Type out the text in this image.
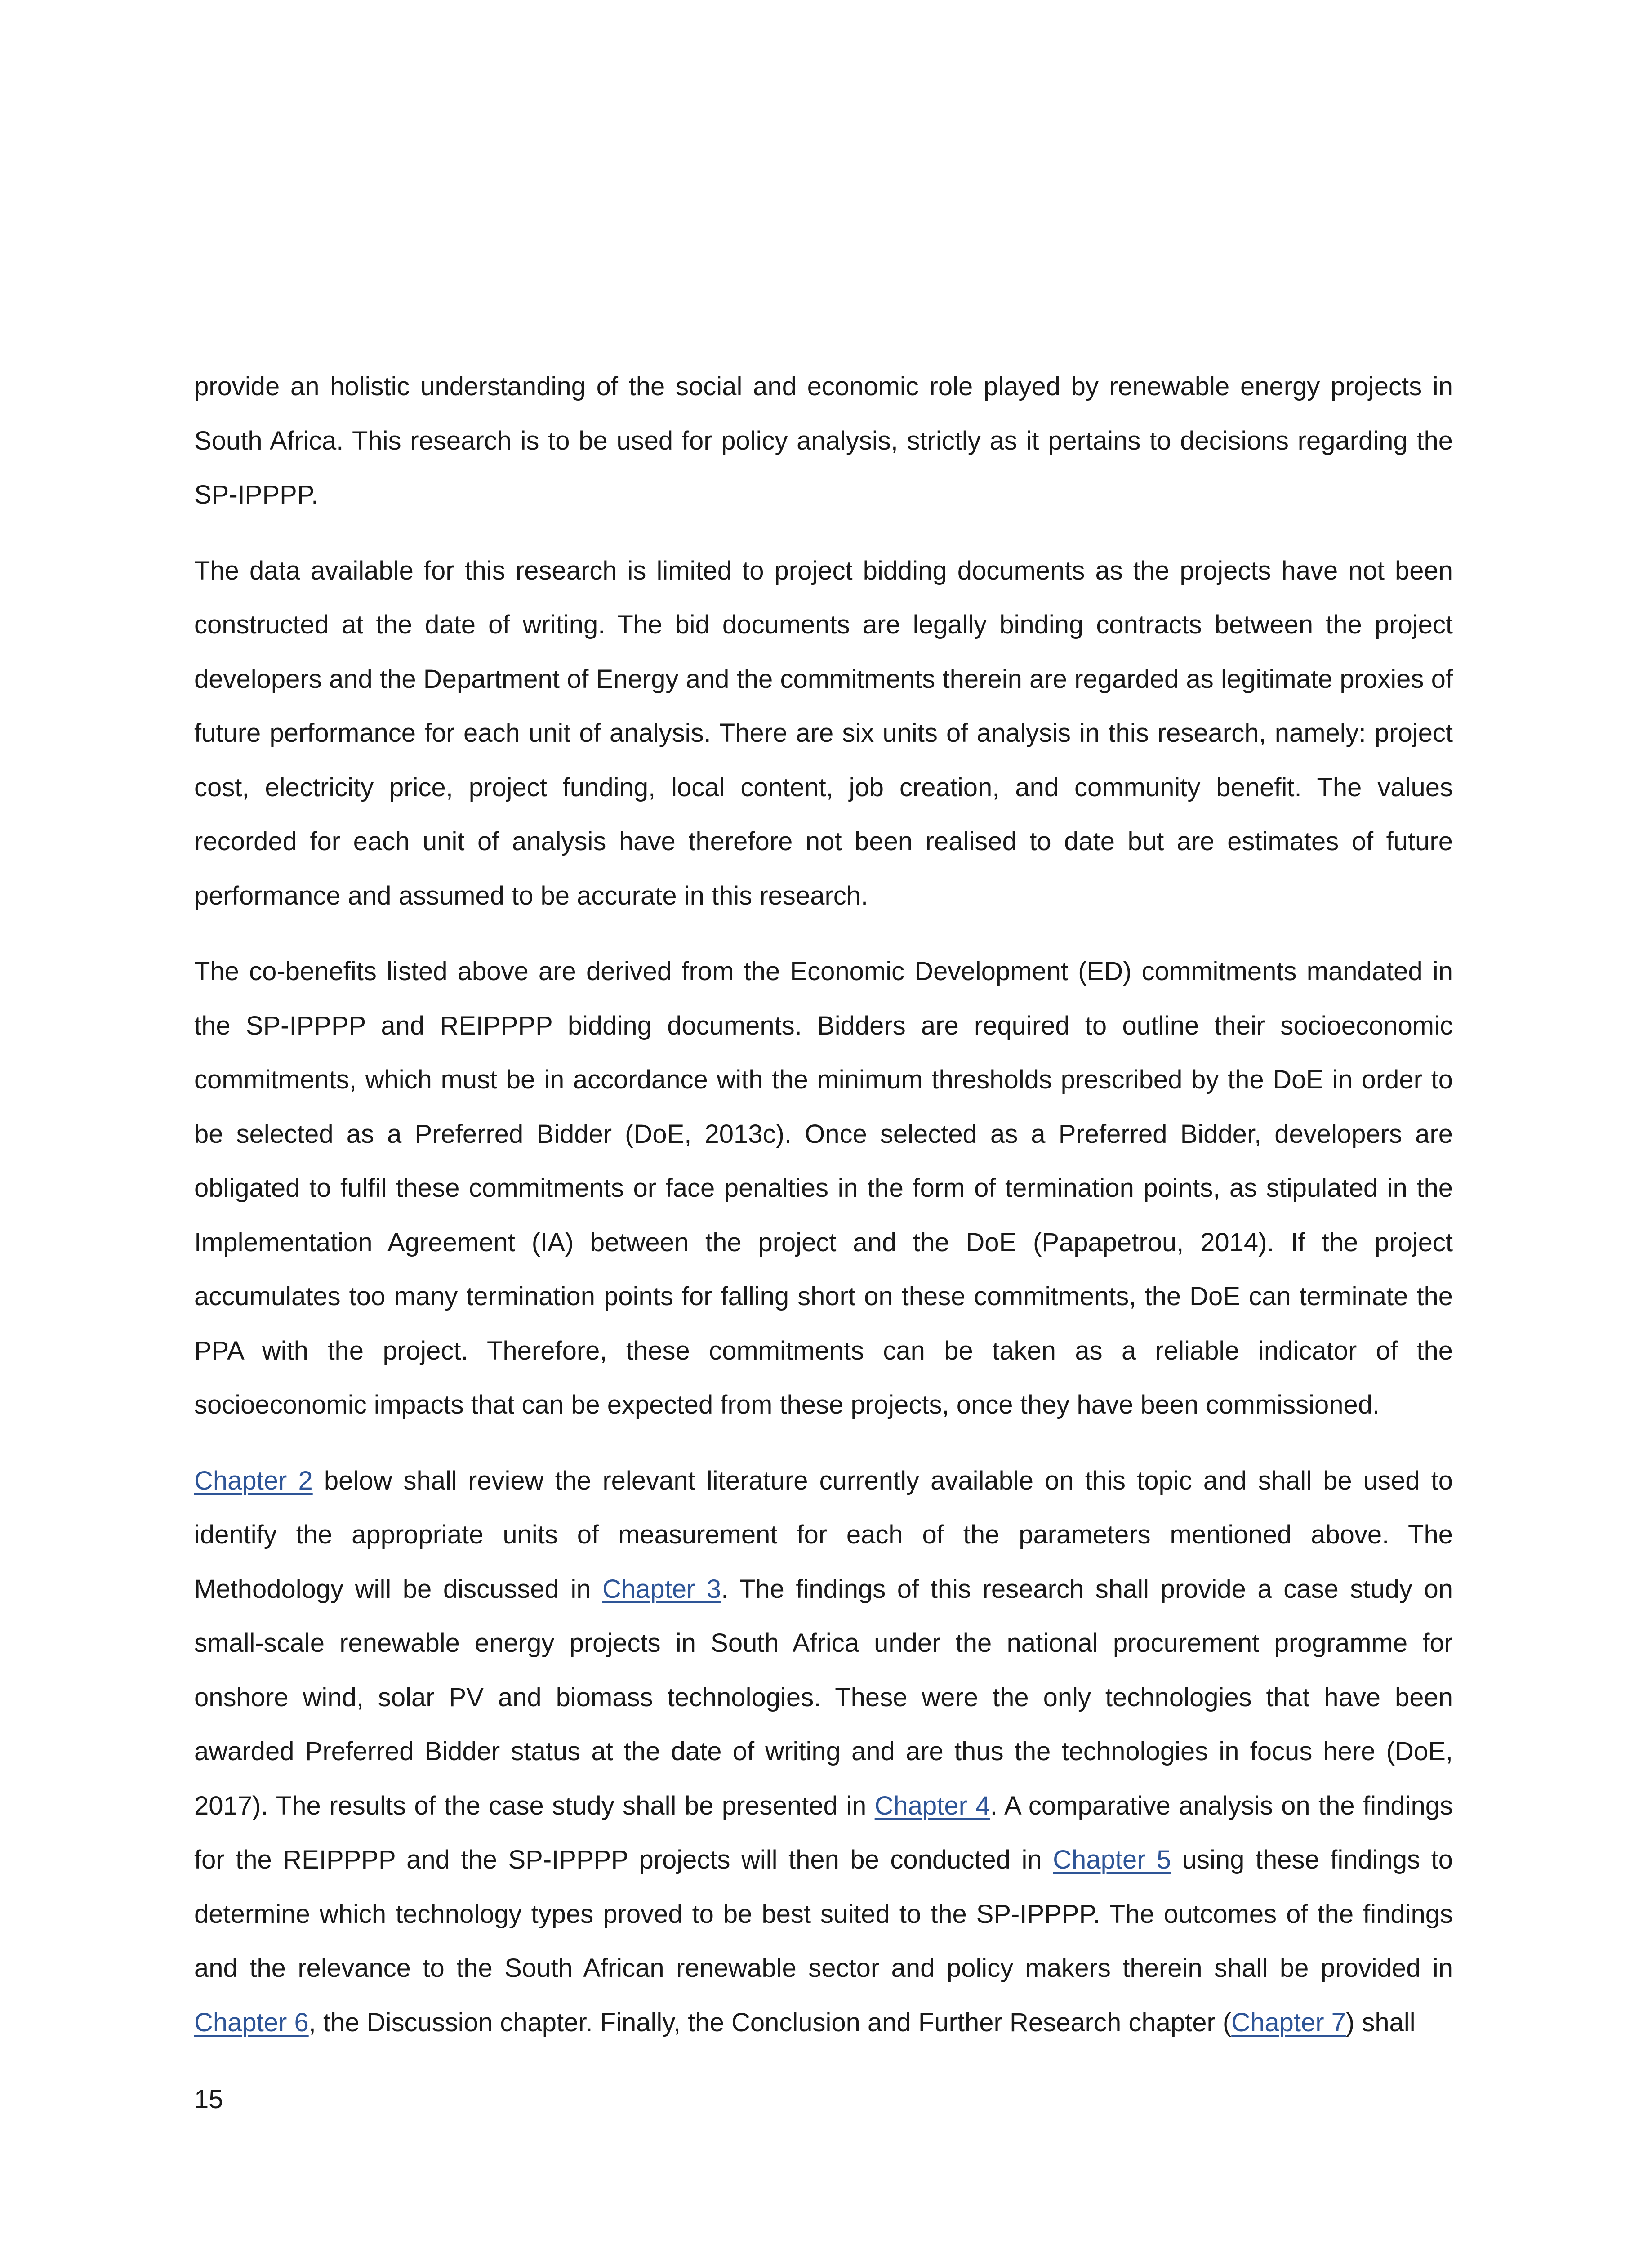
provide an holistic understanding of the social and economic role played by renewable energy projects in South Africa. This research is to be used for policy analysis, strictly as it pertains to decisions regarding the SP-IPPPP.

The data available for this research is limited to project bidding documents as the projects have not been constructed at the date of writing. The bid documents are legally binding contracts between the project developers and the Department of Energy and the commitments therein are regarded as legitimate proxies of future performance for each unit of analysis. There are six units of analysis in this research, namely: project cost, electricity price, project funding, local content, job creation, and community benefit. The values recorded for each unit of analysis have therefore not been realised to date but are estimates of future performance and assumed to be accurate in this research.

The co-benefits listed above are derived from the Economic Development (ED) commitments mandated in the SP-IPPPP and REIPPPP bidding documents. Bidders are required to outline their socioeconomic commitments, which must be in accordance with the minimum thresholds prescribed by the DoE in order to be selected as a Preferred Bidder (DoE, 2013c). Once selected as a Preferred Bidder, developers are obligated to fulfil these commitments or face penalties in the form of termination points, as stipulated in the Implementation Agreement (IA) between the project and the DoE (Papapetrou, 2014). If the project accumulates too many termination points for falling short on these commitments, the DoE can terminate the PPA with the project. Therefore, these commitments can be taken as a reliable indicator of the socioeconomic impacts that can be expected from these projects, once they have been commissioned.

Chapter 2 below shall review the relevant literature currently available on this topic and shall be used to identify the appropriate units of measurement for each of the parameters mentioned above. The Methodology will be discussed in Chapter 3. The findings of this research shall provide a case study on small-scale renewable energy projects in South Africa under the national procurement programme for onshore wind, solar PV and biomass technologies. These were the only technologies that have been awarded Preferred Bidder status at the date of writing and are thus the technologies in focus here (DoE, 2017). The results of the case study shall be presented in Chapter 4. A comparative analysis on the findings for the REIPPPP and the SP-IPPPP projects will then be conducted in Chapter 5 using these findings to determine which technology types proved to be best suited to the SP-IPPPP. The outcomes of the findings and the relevance to the South African renewable sector and policy makers therein shall be provided in Chapter 6, the Discussion chapter. Finally, the Conclusion and Further Research chapter (Chapter 7) shall

15
